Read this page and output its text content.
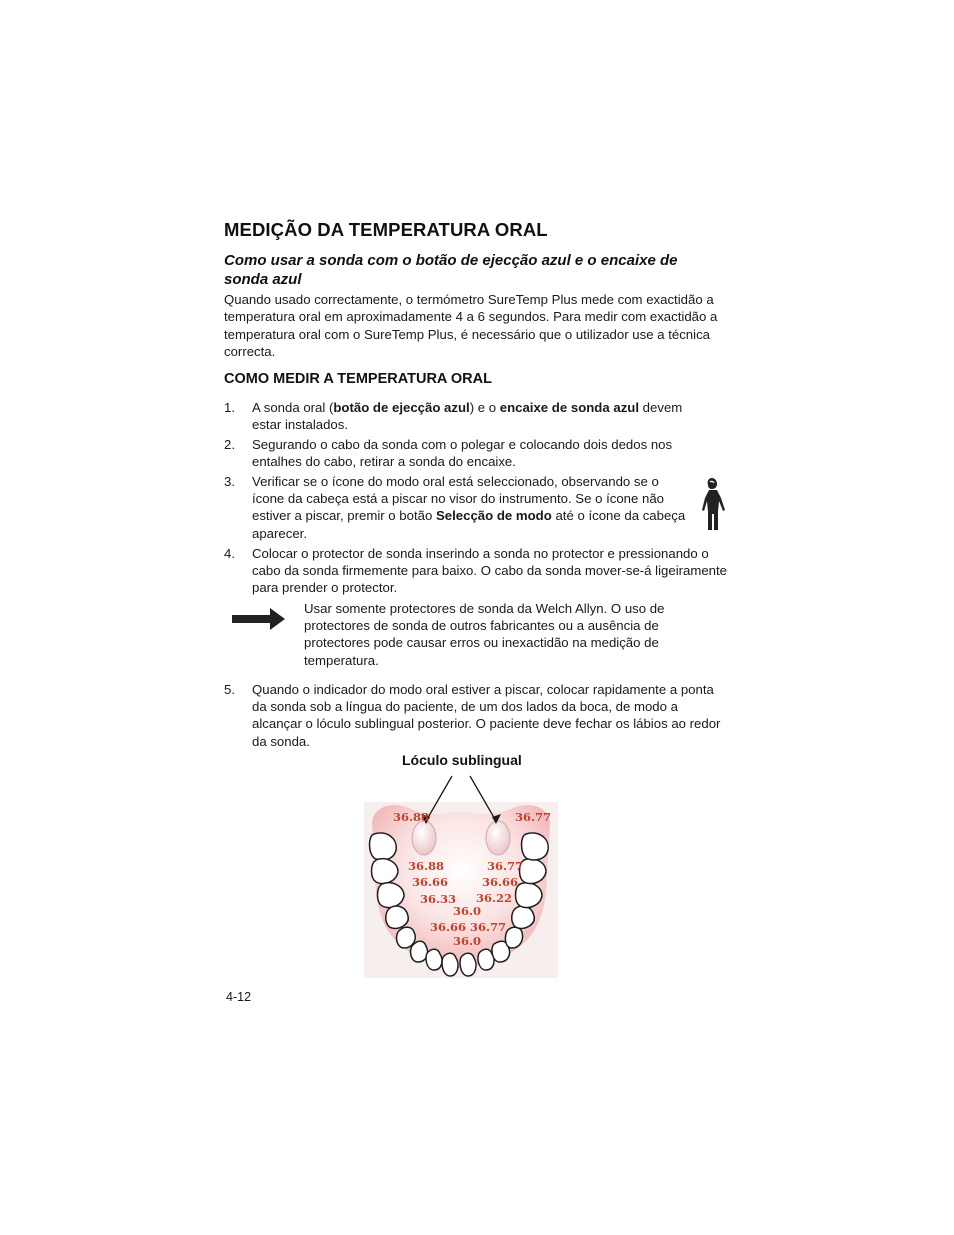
MEDIÇÃO DA TEMPERATURA ORAL
Como usar a sonda com o botão de ejecção azul e o encaixe de sonda azul
Quando usado correctamente, o termómetro SureTemp Plus mede com exactidão a temperatura oral em aproximadamente 4 a 6 segundos. Para medir com exactidão a temperatura oral com o SureTemp Plus, é necessário que o utilizador use a técnica correcta.
COMO MEDIR A TEMPERATURA ORAL
1.	A sonda oral (botão de ejecção azul) e o encaixe de sonda azul devem estar instalados.
2.	Segurando o cabo da sonda com o polegar e colocando dois dedos nos entalhes do cabo, retirar a sonda do encaixe.
3.	Verificar se o ícone do modo oral está seleccionado, observando se o ícone da cabeça está a piscar no visor do instrumento. Se o ícone não estiver a piscar, premir o botão Selecção de modo até o ícone da cabeça aparecer.
4.	Colocar o protector de sonda inserindo a sonda no protector e pressionando o cabo da sonda firmemente para baixo. O cabo da sonda mover-se-á ligeiramente para prender o protector.
Usar somente protectores de sonda da Welch Allyn. O uso de protectores de sonda de outros fabricantes ou a ausência de protectores pode causar erros ou inexactidão na medição de temperatura.
5.	Quando o indicador do modo oral estiver a piscar, colocar rapidamente a ponta da sonda sob a língua do paciente, de um dos lados da boca, de modo a alcançar o lóculo sublingual posterior. O paciente deve fechar os lábios ao redor da sonda.
Lóculo sublingual
36.88	36.77
36.88	36.77
36.66	36.66
36.33 36.22
36.0
36.66 36.77
36.0
4-12
